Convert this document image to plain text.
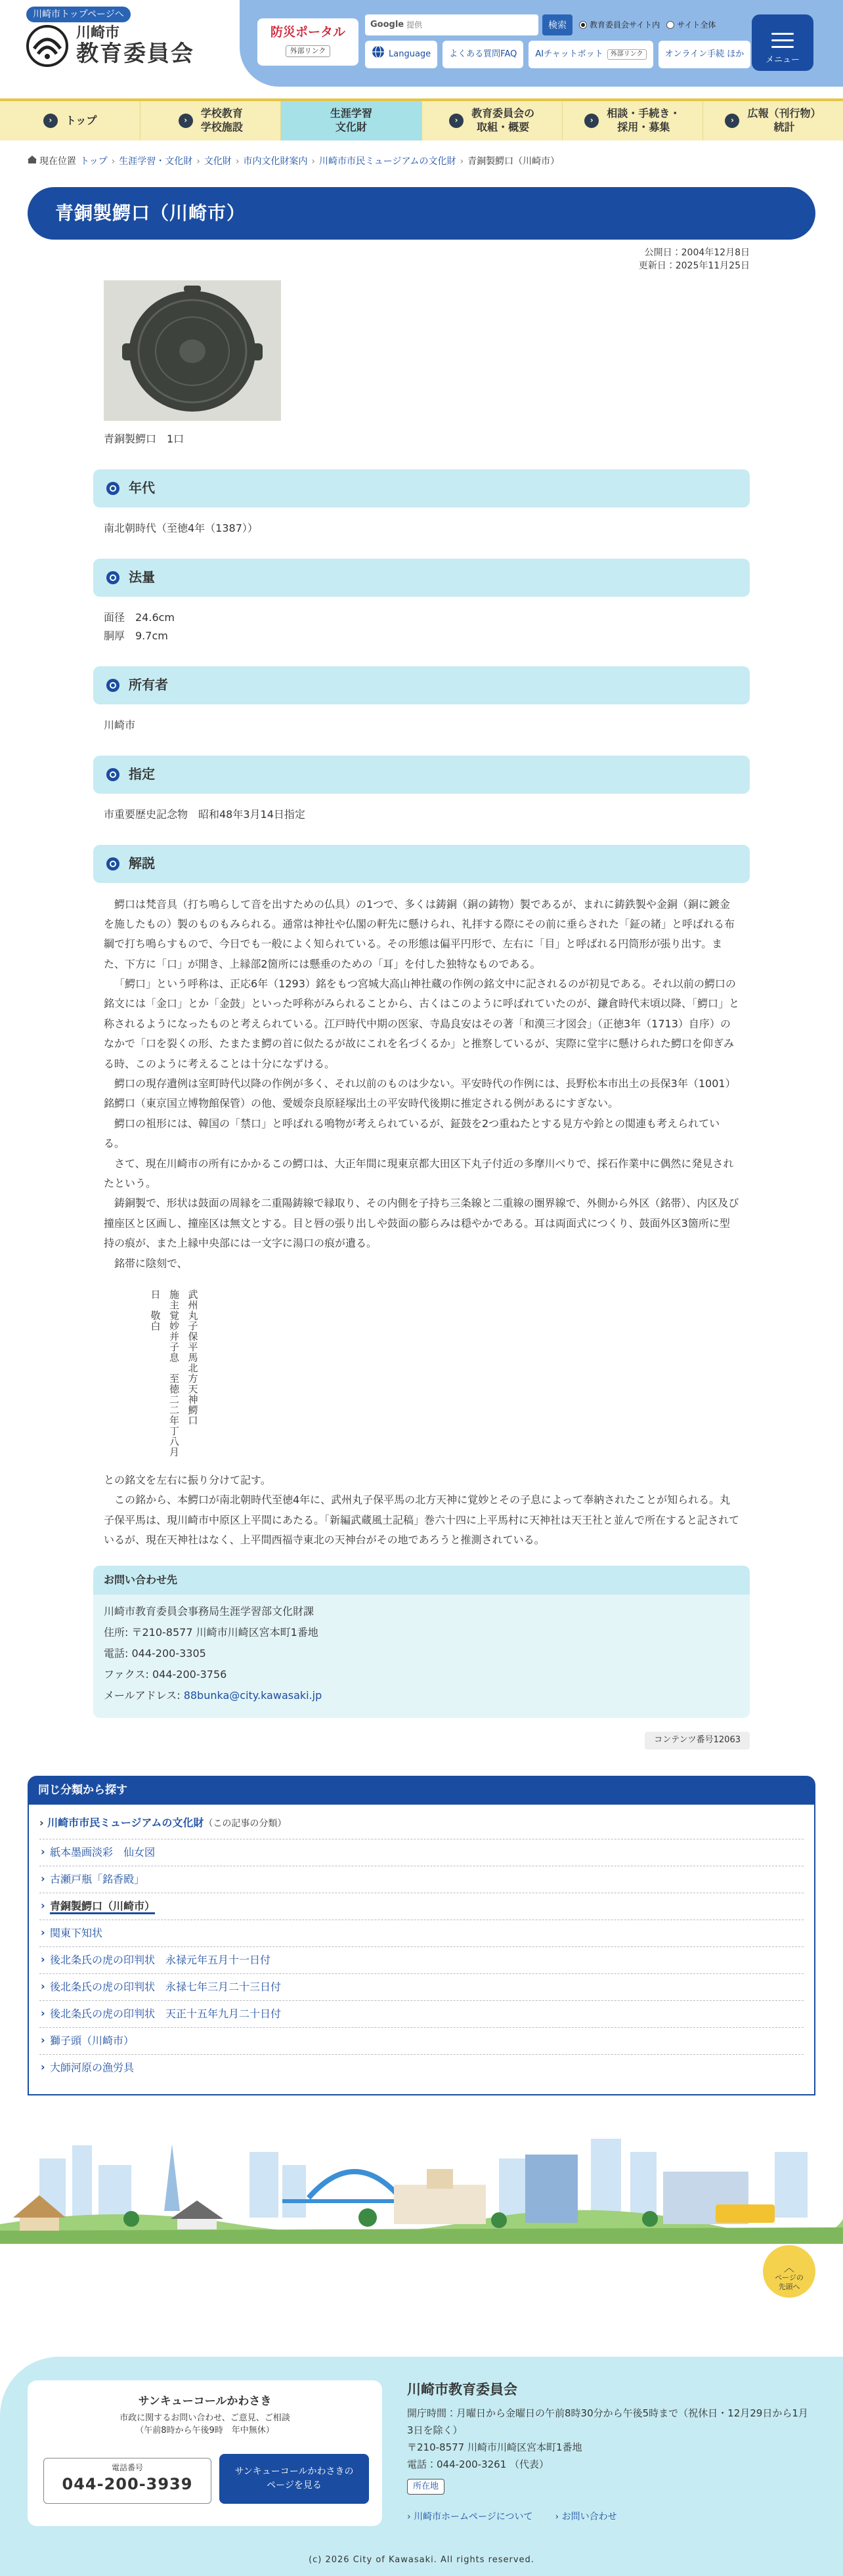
川崎市トップページへ
川崎市
教育委員会
防災ポータル
外部リンク
Google
提供	検索	教育委員会サイト内 サイト全体
Language	よくある質問FAQ	AIチャットボット	外部リンク	オンライン手続 ほか
メニュー
›	トップ	›
学校教育
学校施設
生涯学習
文化財
›
教育委員会の
取組・概要
›
相談・手続き・
採用・募集
›
広報（刊行物）
統計
現在位置 トップ › 生涯学習・文化財 › 文化財 › 市内文化財案内 › 川崎市市民ミュージアムの文化財 › 青銅製鰐口（川崎市）
青銅製鰐口（川崎市）
公開日：2004年12月8日
更新日：2025年11月25日

青銅製鰐口　1口

年代
南北朝時代（至徳4年（1387））
法量
面径　24.6cm
胴厚　9.7cm
所有者
川崎市
指定
市重要歴史記念物　昭和48年3月14日指定
解説

鰐口は梵音具（打ち鳴らして音を出すための仏具）の1つで、多くは鋳銅（銅の鋳物）製であるが、まれに鋳鉄製や金銅（銅に鍍金を施したもの）製のものもみられる。通常は神社や仏閣の軒先に懸けられ、礼拝する際にその前に垂らされた「鉦の緒」と呼ばれる布綱で打ち鳴らすもので、今日でも一般によく知られている。その形態は偏平円形で、左右に「目」と呼ばれる円筒形が張り出す。また、下方に「口」が開き、上縁部2箇所には懸垂のための「耳」を付した独特なものである。

「鰐口」という呼称は、正応6年（1293）銘をもつ宮城大高山神社蔵の作例の銘文中に記されるのが初見である。それ以前の鰐口の銘文には「金口」とか「金鼓」といった呼称がみられることから、古くはこのように呼ばれていたのが、鎌倉時代末頃以降、「鰐口」と称されるようになったものと考えられている。江戸時代中期の医家、寺島良安はその著「和漢三才図会」（正徳3年（1713）自序）のなかで「口を裂くの形、たまたま鰐の首に似たるが故にこれを名づくるか」と推察しているが、実際に堂宇に懸けられた鰐口を仰ぎみる時、このように考えることは十分になずける。

鰐口の現存遺例は室町時代以降の作例が多く、それ以前のものは少ない。平安時代の作例には、長野松本市出土の長保3年（1001）銘鰐口（東京国立博物館保管）の他、愛媛奈良原経塚出土の平安時代後期に推定される例があるにすぎない。

鰐口の祖形には、韓国の「禁口」と呼ばれる鳴物が考えられているが、鉦鼓を2つ重ねたとする見方や鈴との関連も考えられている。

さて、現在川崎市の所有にかかるこの鰐口は、大正年間に現東京都大田区下丸子付近の多摩川べりで、採石作業中に偶然に発見されたという。

鋳銅製で、形状は鼓面の周縁を二重陽鋳線で縁取り、その内側を子持ち三条線と二重線の圏界線で、外側から外区（銘帯）、内区及び撞座区と区画し、撞座区は無文とする。目と唇の張り出しや鼓面の膨らみは穏やかである。耳は両面式につくり、鼓面外区3箇所に型持の痕が、また上縁中央部には一文字に湯口の痕が遺る。

銘帯に陰刻で、

武州丸子保平馬北方天神鰐口
施主覚妙并子息　至徳二二年丁八月日　敬白

との銘文を左右に振り分けて記す。

この銘から、本鰐口が南北朝時代至徳4年に、武州丸子保平馬の北方天神に覚妙とその子息によって奉納されたことが知られる。丸子保平馬は、現川崎市中原区上平間にあたる。「新編武蔵風土記稿」巻六十四に上平馬村に天神社は天王社と並んで所在すると記されているが、現在天神社はなく、上平間西福寺東北の天神台がその地であろうと推測されている。

お問い合わせ先
川崎市教育委員会事務局生涯学習部文化財課
住所: 〒210-8577 川崎市川崎区宮本町1番地
電話: 044-200-3305
ファクス: 044-200-3756
メールアドレス: 88bunka@city.kawasaki.jp
コンテンツ番号12063
同じ分類から探す
› 川崎市市民ミュージアムの文化財（この記事の分類）
› 紙本墨画淡彩　仙女図
› 古瀬戸瓶「銘香殿」
› 青銅製鰐口（川崎市）
› 関東下知状
› 後北条氏の虎の印判状　永禄元年五月十一日付
› 後北条氏の虎の印判状　永禄七年三月二十三日付
› 後北条氏の虎の印判状　天正十五年九月二十日付
› 獅子頭（川崎市）
› 大師河原の漁労具
︿
ページの
先頭へ
サンキューコールかわさき
市政に関するお問い合わせ、ご意見、ご相談
（午前8時から午後9時　年中無休）
電話番号
044-200-3939
サンキューコールかわさきの
ページを見る
川崎市教育委員会
開庁時間：月曜日から金曜日の午前8時30分から午後5時まで（祝休日・12月29日から1月3日を除く）
〒210-8577 川崎市川崎区宮本町1番地
電話：044-200-3261 （代表）
所在地
› 川崎市ホームページについて
›	お問い合わせ
(c) 2026 City of Kawasaki. All rights reserved.
